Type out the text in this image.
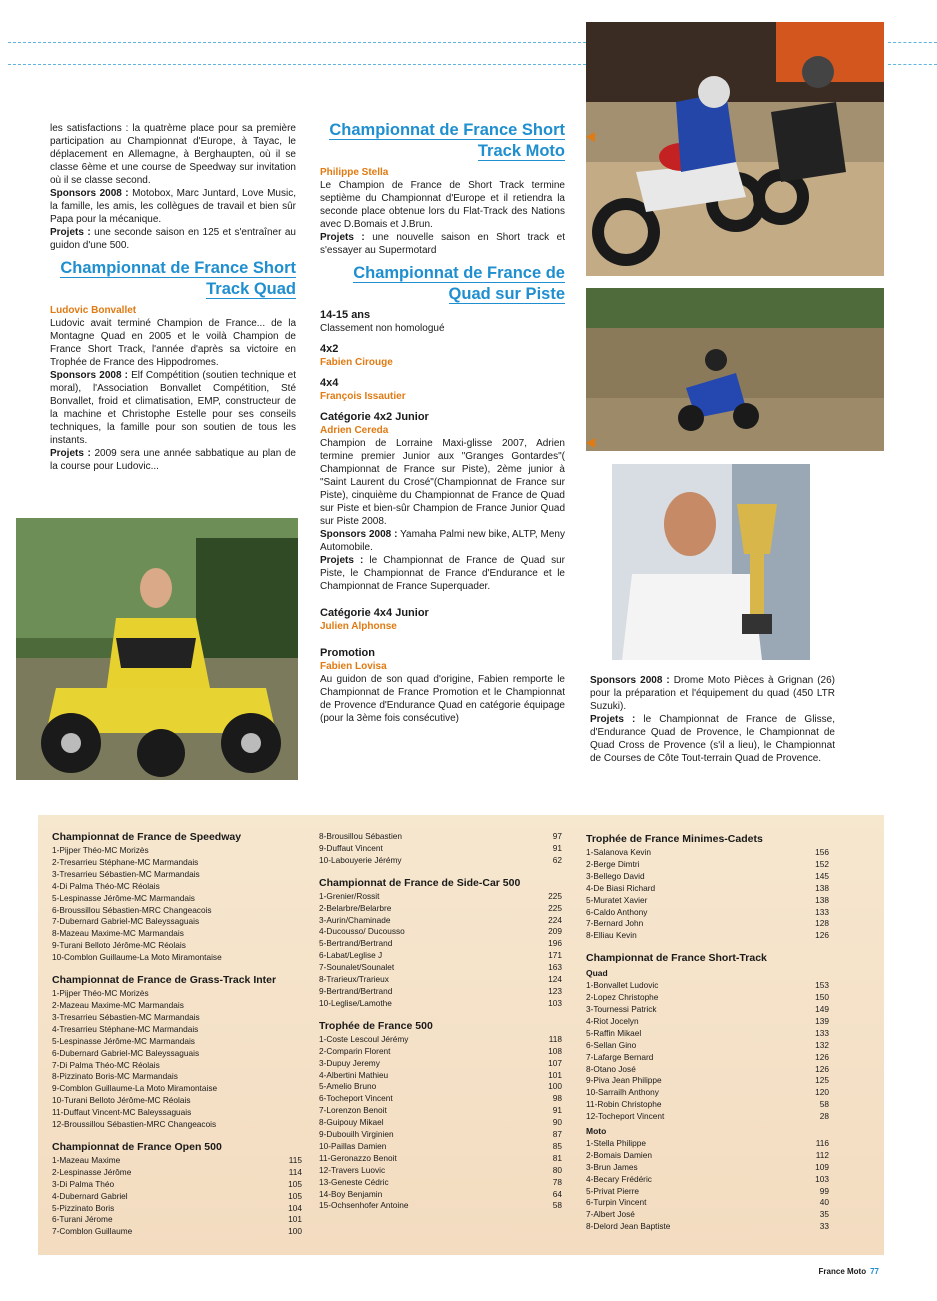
les satisfactions : la quatrème place pour sa première participation au Championnat d'Europe, à Tayac, le déplacement en Allemagne, à Berghaupten, où il se classe 6ème et une course de Speedway sur invitation où il se classe second.

Sponsors 2008 : Motobox, Marc Juntard, Love Music, la famille, les amis, les collègues de travail et bien sûr Papa pour la mécanique.

Projets : une seconde saison en 125 et s'entraîner au guidon d'une 500.

Championnat de France Short Track Quad
Ludovic Bonvallet

Ludovic avait terminé Champion de France... de la Montagne Quad en 2005 et le voilà Champion de France Short Track, l'année d'après sa victoire en Trophée de France des Hippodromes.

Sponsors 2008 : Elf Compétition (soutien technique et moral), l'Association Bonvallet Compétition, Sté Bonvallet, froid et climatisation, EMP, constructeur de la machine et Christophe Estelle pour ses conseils techniques, la famille pour son soutien de tous les instants.

Projets : 2009 sera une année sabbatique au plan de la course pour Ludovic...

Championnat de France Short Track Moto
Philippe Stella

Le Champion de France de Short Track termine septième du Championnat d'Europe et il retiendra la seconde place obtenue lors du Flat-Track des Nations avec D.Bomais et J.Brun.

Projets : une nouvelle saison en Short track et s'essayer au Supermotard

Championnat de France de Quad sur Piste
14-15 ans
Classement non homologué
4x2
Fabien Cirouge
4x4
François Issautier
Catégorie 4x2 Junior
Adrien Cereda

Champion de Lorraine Maxi-glisse 2007, Adrien termine premier Junior aux "Granges Gontardes"( Championnat de France sur Piste), 2ème junior à "Saint Laurent du Crosé"(Championnat de France sur Piste), cinquième du Championnat de France de Quad sur Piste et bien-sûr Champion de France Junior Quad sur Piste 2008.

Sponsors 2008 : Yamaha Palmi new bike, ALTP, Meny Automobile.

Projets : le Championnat de France de Quad sur Piste, le Championnat de France d'Endurance et le Championnat de France Superquader.

Catégorie 4x4 Junior
Julien Alphonse
Promotion
Fabien Lovisa

Au guidon de son quad d'origine, Fabien remporte le Championnat de France Promotion et le Championnat de Provence d'Endurance Quad en catégorie équipage (pour la 3ème fois consécutive)

Sponsors 2008 : Drome Moto Pièces à Grignan (26) pour la préparation et l'équipement du quad (450 LTR Suzuki).

Projets : le Championnat de France de Glisse, d'Endurance Quad de Provence, le Championnat de Quad Cross de Provence (s'il a lieu), le Championnat de Courses de Côte Tout-terrain Quad de Provence.

Championnat de France de Speedway
1-Pijper Théo-MC Morizès
2-Tresarrieu Stéphane-MC Marmandais
3-Tresarrieu Sébastien-MC Marmandais
4-Di Palma Théo-MC Réolais
5-Lespinasse Jérôme-MC Marmandais
6-Broussillou Sébastien-MRC Changeacois
7-Dubernard Gabriel-MC Baleyssaguais
8-Mazeau Maxime-MC Marmandais
9-Turani Belloto Jérôme-MC Réolais
10-Comblon Guillaume-La Moto Miramontaise
Championnat de France de Grass-Track Inter
1-Pijper Théo-MC Morizès
2-Mazeau Maxime-MC Marmandais
3-Tresarrieu Sébastien-MC Marmandais
4-Tresarrieu Stéphane-MC Marmandais
5-Lespinasse Jérôme-MC Marmandais
6-Dubernard Gabriel-MC Baleyssaguais
7-Di Palma Théo-MC Réolais
8-Pizzinato Boris-MC Marmandais
9-Comblon Guillaume-La Moto Miramontaise
10-Turani Belloto Jérôme-MC Réolais
11-Duffaut Vincent-MC Baleyssaguais
12-Broussillou Sébastien-MRC Changeacois
Championnat de France Open 500
1-Mazeau Maxime	115
2-Lespinasse Jérôme	114
3-Di Palma Théo	105
4-Dubernard Gabriel	105
5-Pizzinato Boris	104
6-Turani Jérome	101
7-Comblon Guillaume	100
8-Brousillou Sébastien	97
9-Duffaut Vincent	91
10-Labouyerie Jérémy	62
Championnat de France de Side-Car 500
1-Grenier/Rossit	225
2-Belarbre/Belarbre	225
3-Aurin/Chaminade	224
4-Ducousso/ Ducousso	209
5-Bertrand/Bertrand	196
6-Labat/Leglise J	171
7-Sounalet/Sounalet	163
8-Trarieux/Trarieux	124
9-Bertrand/Bertrand	123
10-Leglise/Lamothe	103
Trophée de France 500
1-Coste Lescoul Jérémy	118
2-Comparin Florent	108
3-Dupuy Jeremy	107
4-Albertini Mathieu	101
5-Amelio Bruno	100
6-Tocheport Vincent	98
7-Lorenzon Benoit	91
8-Guipouy Mikael	90
9-Dubouilh Virginien	87
10-Paillas Damien	85
11-Geronazzo Benoit	81
12-Travers Luovic	80
13-Geneste Cédric	78
14-Boy Benjamin	64
15-Ochsenhofer Antoine	58
Trophée de France Minimes-Cadets
1-Salanova Kevin	156
2-Berge Dimtri	152
3-Bellego David	145
4-De Biasi Richard	138
5-Muratet Xavier	138
6-Caldo Anthony	133
7-Bernard John	128
8-Elliau Kevin	126
Championnat de France Short-Track
Quad
1-Bonvallet Ludovic	153
2-Lopez Christophe	150
3-Tournessi Patrick	149
4-Riot Jocelyn	139
5-Raffin Mikael	133
6-Sellan Gino	132
7-Lafarge Bernard	126
8-Otano José	126
9-Piva Jean Philippe	125
10-Sarrailh Anthony	120
11-Robin Christophe	58
12-Tocheport Vincent	28
Moto
1-Stella Philippe	116
2-Bomais Damien	112
3-Brun James	109
4-Becary Frédéric	103
5-Privat Pierre	99
6-Turpin Vincent	40
7-Albert José	35
8-Delord Jean Baptiste	33
France Moto 77
